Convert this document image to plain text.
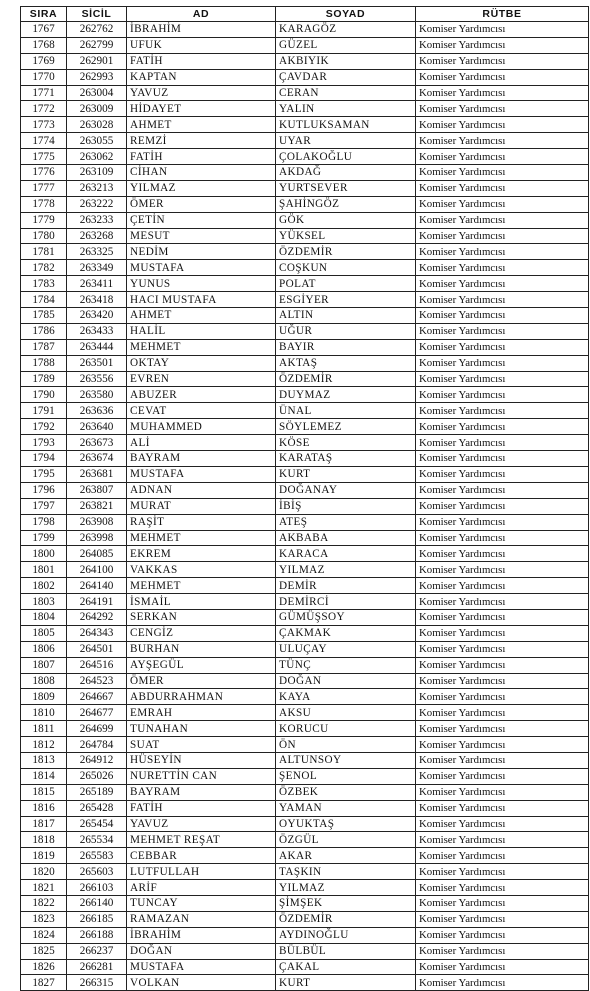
SIRA	SİCİL	AD	SOYAD	RÜTBE
1767	262762	İBRAHİM	KARAGÖZ	Komiser Yardımcısı
1768	262799	UFUK	GÜZEL	Komiser Yardımcısı
1769	262901	FATİH	AKBIYIK	Komiser Yardımcısı
1770	262993	KAPTAN	ÇAVDAR	Komiser Yardımcısı
1771	263004	YAVUZ	CERAN	Komiser Yardımcısı
1772	263009	HİDAYET	YALIN	Komiser Yardımcısı
1773	263028	AHMET	KUTLUKSAMAN	Komiser Yardımcısı
1774	263055	REMZİ	UYAR	Komiser Yardımcısı
1775	263062	FATİH	ÇOLAKOĞLU	Komiser Yardımcısı
1776	263109	CİHAN	AKDAĞ	Komiser Yardımcısı
1777	263213	YILMAZ	YURTSEVER	Komiser Yardımcısı
1778	263222	ÖMER	ŞAHİNGÖZ	Komiser Yardımcısı
1779	263233	ÇETİN	GÖK	Komiser Yardımcısı
1780	263268	MESUT	YÜKSEL	Komiser Yardımcısı
1781	263325	NEDİM	ÖZDEMİR	Komiser Yardımcısı
1782	263349	MUSTAFA	COŞKUN	Komiser Yardımcısı
1783	263411	YUNUS	POLAT	Komiser Yardımcısı
1784	263418	HACI MUSTAFA	ESGİYER	Komiser Yardımcısı
1785	263420	AHMET	ALTIN	Komiser Yardımcısı
1786	263433	HALİL	UĞUR	Komiser Yardımcısı
1787	263444	MEHMET	BAYIR	Komiser Yardımcısı
1788	263501	OKTAY	AKTAŞ	Komiser Yardımcısı
1789	263556	EVREN	ÖZDEMİR	Komiser Yardımcısı
1790	263580	ABUZER	DUYMAZ	Komiser Yardımcısı
1791	263636	CEVAT	ÜNAL	Komiser Yardımcısı
1792	263640	MUHAMMED	SÖYLEMEZ	Komiser Yardımcısı
1793	263673	ALİ	KÖSE	Komiser Yardımcısı
1794	263674	BAYRAM	KARATAŞ	Komiser Yardımcısı
1795	263681	MUSTAFA	KURT	Komiser Yardımcısı
1796	263807	ADNAN	DOĞANAY	Komiser Yardımcısı
1797	263821	MURAT	İBİŞ	Komiser Yardımcısı
1798	263908	RAŞİT	ATEŞ	Komiser Yardımcısı
1799	263998	MEHMET	AKBABA	Komiser Yardımcısı
1800	264085	EKREM	KARACA	Komiser Yardımcısı
1801	264100	VAKKAS	YILMAZ	Komiser Yardımcısı
1802	264140	MEHMET	DEMİR	Komiser Yardımcısı
1803	264191	İSMAİL	DEMİRCİ	Komiser Yardımcısı
1804	264292	SERKAN	GÜMÜŞSOY	Komiser Yardımcısı
1805	264343	CENGİZ	ÇAKMAK	Komiser Yardımcısı
1806	264501	BURHAN	ULUÇAY	Komiser Yardımcısı
1807	264516	AYŞEGÜL	TÜNÇ	Komiser Yardımcısı
1808	264523	ÖMER	DOĞAN	Komiser Yardımcısı
1809	264667	ABDURRAHMAN	KAYA	Komiser Yardımcısı
1810	264677	EMRAH	AKSU	Komiser Yardımcısı
1811	264699	TUNAHAN	KORUCU	Komiser Yardımcısı
1812	264784	SUAT	ÖN	Komiser Yardımcısı
1813	264912	HÜSEYİN	ALTUNSOY	Komiser Yardımcısı
1814	265026	NURETTİN CAN	ŞENOL	Komiser Yardımcısı
1815	265189	BAYRAM	ÖZBEK	Komiser Yardımcısı
1816	265428	FATİH	YAMAN	Komiser Yardımcısı
1817	265454	YAVUZ	OYUKTAŞ	Komiser Yardımcısı
1818	265534	MEHMET REŞAT	ÖZGÜL	Komiser Yardımcısı
1819	265583	CEBBAR	AKAR	Komiser Yardımcısı
1820	265603	LUTFULLAH	TAŞKIN	Komiser Yardımcısı
1821	266103	ARİF	YILMAZ	Komiser Yardımcısı
1822	266140	TUNCAY	ŞİMŞEK	Komiser Yardımcısı
1823	266185	RAMAZAN	ÖZDEMİR	Komiser Yardımcısı
1824	266188	İBRAHİM	AYDINOĞLU	Komiser Yardımcısı
1825	266237	DOĞAN	BÜLBÜL	Komiser Yardımcısı
1826	266281	MUSTAFA	ÇAKAL	Komiser Yardımcısı
1827	266315	VOLKAN	KURT	Komiser Yardımcısı
